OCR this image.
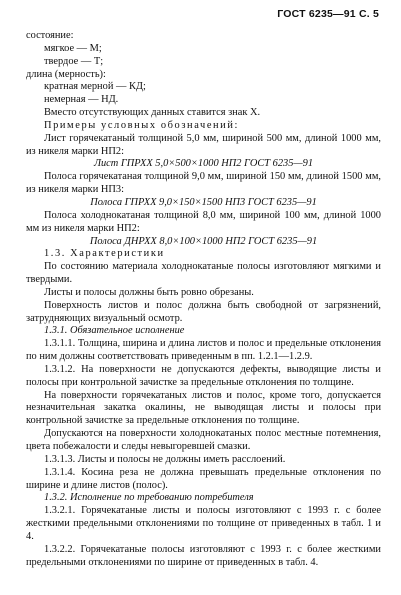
ГОСТ 6235—91 С. 5

состояние:

мягкое — М;

твердое — Т;

длина (мерность):

кратная мерной — КД;

немерная — НД.

Вместо отсутствующих данных ставится знак Х.

Примеры условных обозначений:

Лист горячекатаный толщиной 5,0 мм, шириной 500 мм, длиной 1000 мм, из никеля марки НП2:

Лист ГПРХХ 5,0×500×1000 НП2 ГОСТ 6235—91

Полоса горячекатаная толщиной 9,0 мм, шириной 150 мм, длиной 1500 мм, из никеля марки НП3:

Полоса ГПРХХ 9,0×150×1500 НП3 ГОСТ 6235—91

Полоса холоднокатаная толщиной 8,0 мм, шириной 100 мм, длиной 1000 мм из никеля марки НП2:

Полоса ДНРХХ 8,0×100×1000 НП2 ГОСТ 6235—91

1.3. Характеристики

По состоянию материала холоднокатаные полосы изготовляют мягкими и твердыми.

Листы и полосы должны быть ровно обрезаны.

Поверхность листов и полос должна быть свободной от загрязнений, затрудняющих визуальный осмотр.

1.3.1. Обязательное исполнение

1.3.1.1. Толщина, ширина и длина листов и полос и предельные отклонения по ним должны соответствовать приведенным в пп. 1.2.1—1.2.9.

1.3.1.2. На поверхности не допускаются дефекты, выводящие листы и полосы при контрольной зачистке за предельные отклонения по толщине.

На поверхности горячекатаных листов и полос, кроме того, допускается незначительная закатка окалины, не выводящая листы и полосы при контрольной зачистке за предельные отклонения по толщине.

Допускаются на поверхности холоднокатаных полос местные потемнения, цвета побежалости и следы невыгоревшей смазки.

1.3.1.3. Листы и полосы не должны иметь расслоений.

1.3.1.4. Косина реза не должна превышать предельные отклонения по ширине и длине листов (полос).

1.3.2. Исполнение по требованию потребителя

1.3.2.1. Горячекатаные листы и полосы изготовляют с 1993 г. с более жесткими предельными отклонениями по толщине от приведенных в табл. 1 и 4.

1.3.2.2. Горячекатаные полосы изготовляют с 1993 г. с более жесткими предельными отклонениями по ширине от приведенных в табл. 4.
